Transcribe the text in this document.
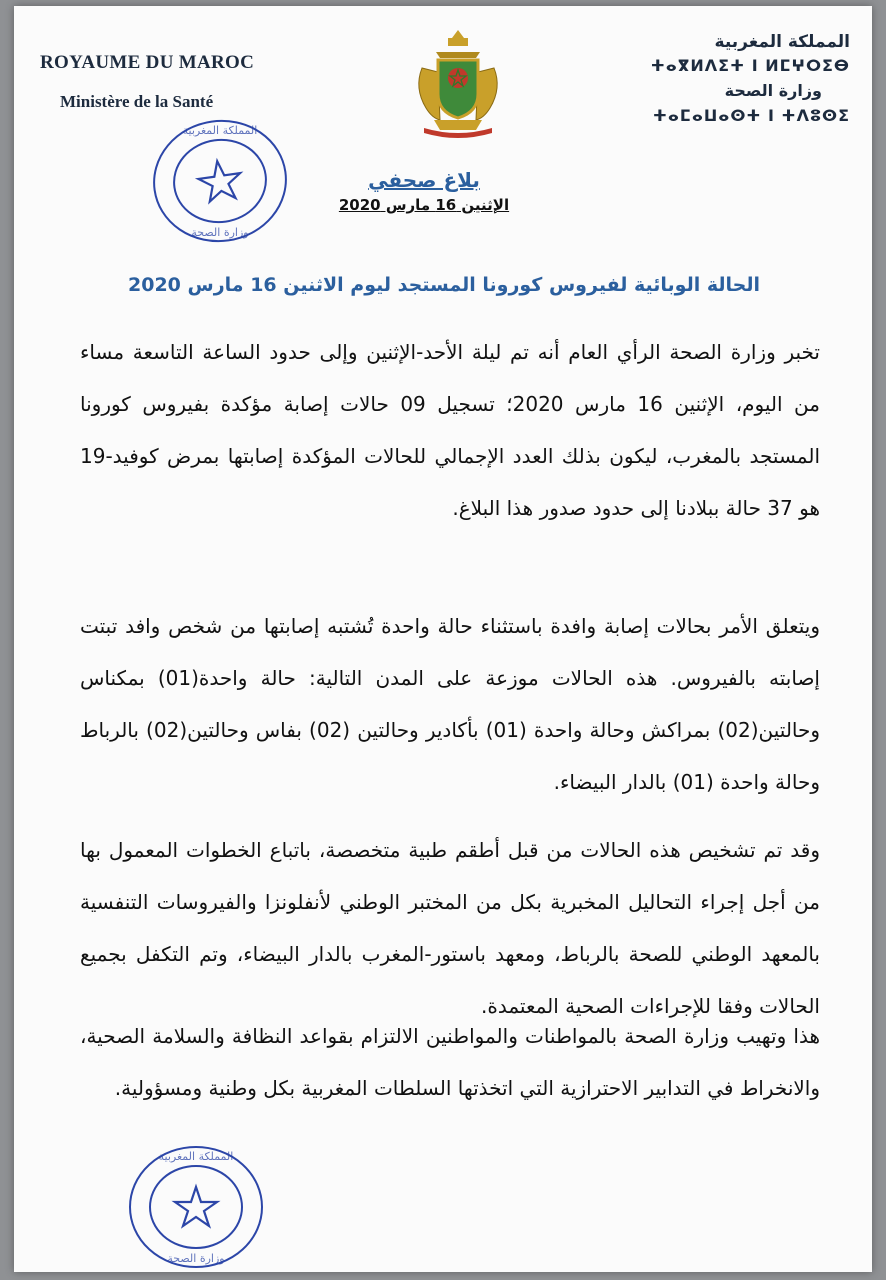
ROYAUME DU MAROC
Ministère de la Santé
المملكة المغربية
ⵜⴰⴳⵍⴷⵉⵜ ⵏ ⵍⵎⵖⵔⵉⴱ
وزارة الصحة
ⵜⴰⵎⴰⵡⴰⵙⵜ ⵏ ⵜⴷⵓⵙⵉ
المملكة المغربية
وزارة الصحة
بلاغ صحفي
الإثنين 16 مارس 2020
الحالة الوبائية لفيروس كورونا المستجد ليوم الاثنين 16 مارس 2020

تخبر وزارة الصحة الرأي العام أنه تم ليلة الأحد-الإثنين وإلى حدود الساعة التاسعة مساء من اليوم، الإثنين 16 مارس 2020؛ تسجيل 09 حالات إصابة مؤكدة بفيروس كورونا المستجد بالمغرب، ليكون بذلك العدد الإجمالي للحالات المؤكدة إصابتها بمرض كوفيد-19 هو 37 حالة ببلادنا إلى حدود صدور هذا البلاغ.

ويتعلق الأمر بحالات إصابة وافدة باستثناء حالة واحدة تُشتبه إصابتها من شخص وافد تبتت إصابته بالفيروس. هذه الحالات موزعة على المدن التالية: حالة واحدة(01) بمكناس وحالتين(02) بمراكش وحالة واحدة (01) بأكادير وحالتين (02) بفاس وحالتين(02) بالرباط وحالة واحدة (01) بالدار البيضاء.

وقد تم تشخيص هذه الحالات من قبل أطقم طبية متخصصة، باتباع الخطوات المعمول بها من أجل إجراء التحاليل المخبرية بكل من المختبر الوطني لأنفلونزا والفيروسات التنفسية بالمعهد الوطني للصحة بالرباط، ومعهد باستور-المغرب بالدار البيضاء، وتم التكفل بجميع الحالات وفقا للإجراءات الصحية المعتمدة.

هذا وتهيب وزارة الصحة بالمواطنات والمواطنين الالتزام بقواعد النظافة والسلامة الصحية، والانخراط في التدابير الاحترازية التي اتخذتها السلطات المغربية بكل وطنية ومسؤولية.

المملكة المغربية
وزارة الصحة
